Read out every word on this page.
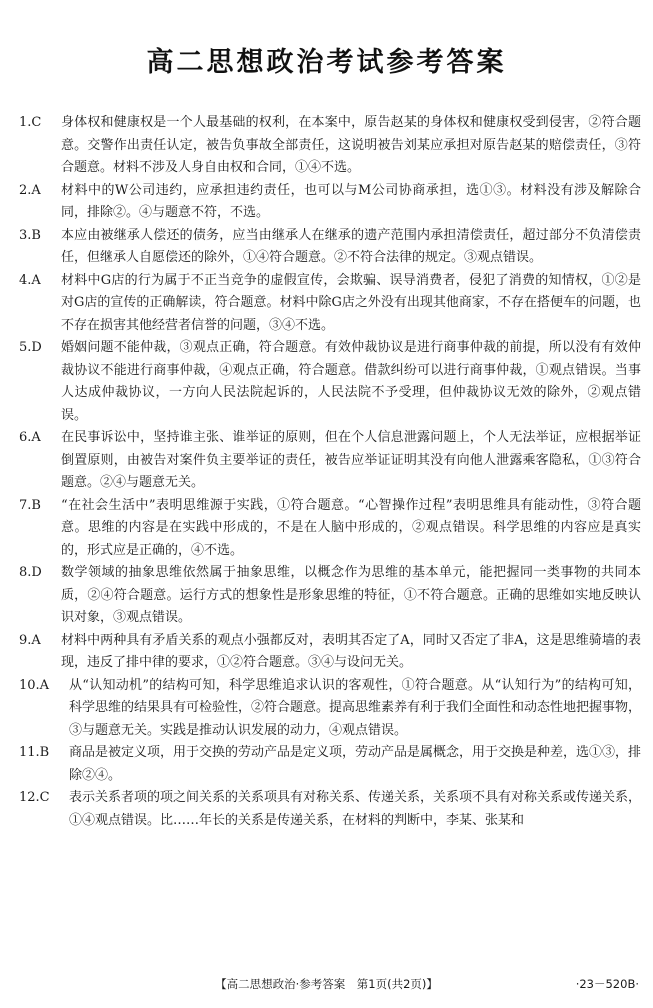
高二思想政治考试参考答案
1.C	身体权和健康权是一个人最基础的权利，在本案中，原告赵某的身体权和健康权受到侵害，②符合题意。交警作出责任认定，被告负事故全部责任，这说明被告刘某应承担对原告赵某的赔偿责任，③符合题意。材料不涉及人身自由权和合同，①④不选。
2.A	材料中的W公司违约，应承担违约责任，也可以与M公司协商承担，选①③。材料没有涉及解除合同，排除②。④与题意不符，不选。
3.B	本应由被继承人偿还的债务，应当由继承人在继承的遗产范围内承担清偿责任，超过部分不负清偿责任，但继承人自愿偿还的除外，①④符合题意。②不符合法律的规定。③观点错误。
4.A	材料中G店的行为属于不正当竞争的虚假宣传，会欺骗、误导消费者，侵犯了消费的知情权，①②是对G店的宣传的正确解读，符合题意。材料中除G店之外没有出现其他商家，不存在搭便车的问题，也不存在损害其他经营者信誉的问题，③④不选。
5.D	婚姻问题不能仲裁，③观点正确，符合题意。有效仲裁协议是进行商事仲裁的前提，所以没有有效仲裁协议不能进行商事仲裁，④观点正确，符合题意。借款纠纷可以进行商事仲裁，①观点错误。当事人达成仲裁协议，一方向人民法院起诉的，人民法院不予受理，但仲裁协议无效的除外，②观点错误。
6.A	在民事诉讼中，坚持谁主张、谁举证的原则，但在个人信息泄露问题上，个人无法举证，应根据举证倒置原则，由被告对案件负主要举证的责任，被告应举证证明其没有向他人泄露乘客隐私，①③符合题意。②④与题意无关。
7.B	“在社会生活中”表明思维源于实践，①符合题意。“心智操作过程”表明思维具有能动性，③符合题意。思维的内容是在实践中形成的，不是在人脑中形成的，②观点错误。科学思维的内容应是真实的，形式应是正确的，④不选。
8.D	数学领域的抽象思维依然属于抽象思维，以概念作为思维的基本单元，能把握同一类事物的共同本质，②④符合题意。运行方式的想象性是形象思维的特征，①不符合题意。正确的思维如实地反映认识对象，③观点错误。
9.A	材料中两种具有矛盾关系的观点小强都反对，表明其否定了A，同时又否定了非A，这是思维骑墙的表现，违反了排中律的要求，①②符合题意。③④与设问无关。
10.A	从“认知动机”的结构可知，科学思维追求认识的客观性，①符合题意。从“认知行为”的结构可知，科学思维的结果具有可检验性，②符合题意。提高思维素养有利于我们全面性和动态性地把握事物，③与题意无关。实践是推动认识发展的动力，④观点错误。
11.B	商品是被定义项，用于交换的劳动产品是定义项，劳动产品是属概念，用于交换是种差，选①③，排除②④。
12.C	表示关系者项的项之间关系的关系项具有对称关系、传递关系，关系项不具有对称关系或传递关系，①④观点错误。比……年长的关系是传递关系，在材料的判断中，李某、张某和
【高二思想政治·参考答案　第1页(共2页)】	·23－520B·
